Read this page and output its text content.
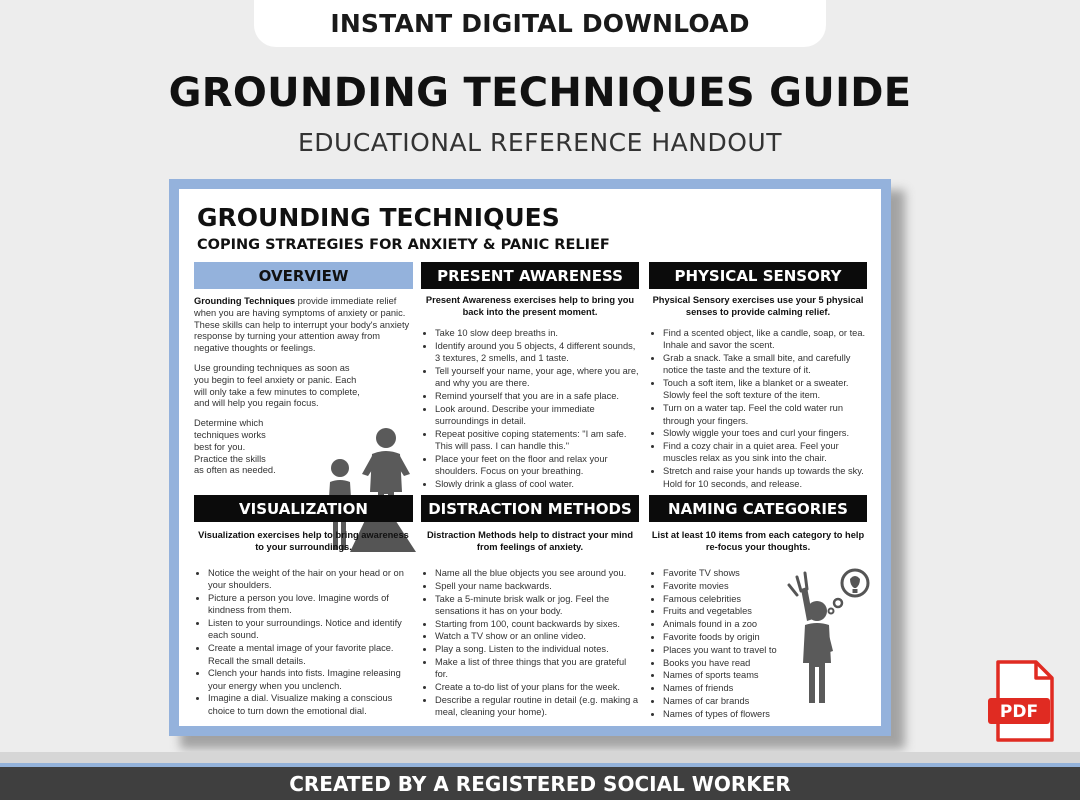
INSTANT DIGITAL DOWNLOAD
GROUNDING TECHNIQUES GUIDE
EDUCATIONAL REFERENCE HANDOUT
GROUNDING TECHNIQUES
COPING STRATEGIES FOR ANXIETY & PANIC RELIEF
OVERVIEW

Grounding Techniques provide immediate relief when you are having symptoms of anxiety or panic. These skills can help to interrupt your body's anxiety response by turning your attention away from negative thoughts or feelings.

Use grounding techniques as soon as you begin to feel anxiety or panic. Each will only take a few minutes to complete, and will help you regain focus.

Determine which techniques works best for you. Practice the skills as often as needed.

PRESENT AWARENESS
Present Awareness exercises help to bring you back into the present moment.
• Take 10 slow deep breaths in.
• Identify around you 5 objects, 4 different sounds, 3 textures, 2 smells, and 1 taste.
• Tell yourself your name, your age, where you are, and why you are there.
• Remind yourself that you are in a safe place.
• Look around. Describe your immediate surroundings in detail.
• Repeat positive coping statements: "I am safe. This will pass. I can handle this."
• Place your feet on the floor and relax your shoulders. Focus on your breathing.
• Slowly drink a glass of cool water.
PHYSICAL SENSORY
Physical Sensory exercises use your 5 physical senses to provide calming relief.
• Find a scented object, like a candle, soap, or tea. Inhale and savor the scent.
• Grab a snack. Take a small bite, and carefully notice the taste and the texture of it.
• Touch a soft item, like a blanket or a sweater. Slowly feel the soft texture of the item.
• Turn on a water tap. Feel the cold water run through your fingers.
• Slowly wiggle your toes and curl your fingers.
• Find a cozy chair in a quiet area. Feel your muscles relax as you sink into the chair.
• Stretch and raise your hands up towards the sky. Hold for 10 seconds, and release.
VISUALIZATION
Visualization exercises help to bring awareness to your surroundings.
• Notice the weight of the hair on your head or on your shoulders.
• Picture a person you love. Imagine words of kindness from them.
• Listen to your surroundings. Notice and identify each sound.
• Create a mental image of your favorite place. Recall the small details.
• Clench your hands into fists. Imagine releasing your energy when you unclench.
• Imagine a dial. Visualize making a conscious choice to turn down the emotional dial.
DISTRACTION METHODS
Distraction Methods help to distract your mind from feelings of anxiety.
• Name all the blue objects you see around you.
• Spell your name backwards.
• Take a 5-minute brisk walk or jog. Feel the sensations it has on your body.
• Starting from 100, count backwards by sixes.
• Watch a TV show or an online video.
• Play a song. Listen to the individual notes.
• Make a list of three things that you are grateful for.
• Create a to-do list of your plans for the week.
• Describe a regular routine in detail (e.g. making a meal, cleaning your home).
NAMING CATEGORIES
List at least 10 items from each category to help re-focus your thoughts.
• Favorite TV shows
• Favorite movies
• Famous celebrities
• Fruits and vegetables
• Animals found in a zoo
• Favorite foods by origin
• Places you want to travel to
• Books you have read
• Names of sports teams
• Names of friends
• Names of car brands
• Names of types of flowers
CREATED BY A REGISTERED SOCIAL WORKER
PDF
